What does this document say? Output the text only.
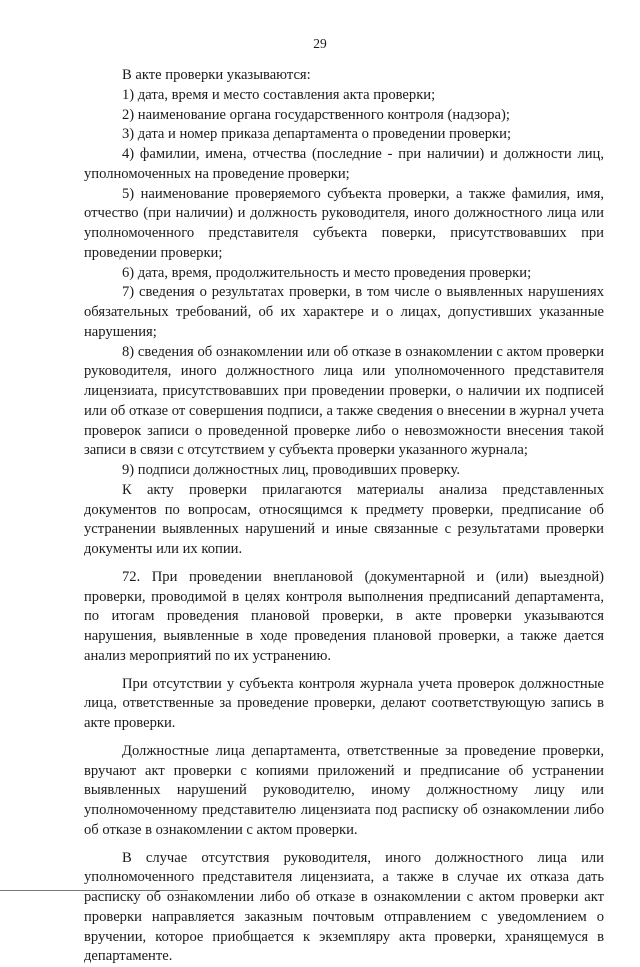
29

В акте проверки указываются:

1) дата, время и место составления акта проверки;

2) наименование органа государственного контроля (надзора);

3) дата и номер приказа департамента о проведении проверки;

4) фамилии, имена, отчества (последние - при наличии) и должности лиц, уполномоченных на проведение проверки;

5) наименование проверяемого субъекта проверки, а также фамилия, имя, отчество (при наличии) и должность руководителя, иного должностного лица или уполномоченного представителя субъекта поверки, присутствовавших при проведении проверки;

6) дата, время, продолжительность и место проведения проверки;

7) сведения о результатах проверки, в том числе о выявленных нарушениях обязательных требований, об их характере и о лицах, допустивших указанные нарушения;

8) сведения об ознакомлении или об отказе в ознакомлении с актом проверки руководителя, иного должностного лица или уполномоченного представителя лицензиата, присутствовавших при проведении проверки, о наличии их подписей или об отказе от совершения подписи, а также сведения о внесении в журнал учета проверок записи о проведенной проверке либо о невозможности внесения такой записи в связи с отсутствием у субъекта проверки указанного журнала;

9) подписи должностных лиц, проводивших проверку.

К акту проверки прилагаются материалы анализа представленных документов по вопросам, относящимся к предмету проверки, предписание об устранении выявленных нарушений и иные связанные с результатами проверки документы или их копии.

72. При проведении внеплановой (документарной и (или) выездной) проверки, проводимой в целях контроля выполнения предписаний департамента, по итогам проведения плановой проверки, в акте проверки указываются нарушения, выявленные в ходе проведения плановой проверки, а также дается анализ мероприятий по их устранению.

При отсутствии у субъекта контроля журнала учета проверок должностные лица, ответственные за проведение проверки, делают соответствующую запись в акте проверки.

Должностные лица департамента, ответственные за проведение проверки, вручают акт проверки с копиями приложений и предписание об устранении выявленных нарушений руководителю, иному должностному лицу или уполномоченному представителю лицензиата под расписку об ознакомлении либо об отказе в ознакомлении с актом проверки.

В случае отсутствия руководителя, иного должностного лица или уполномоченного представителя лицензиата, а также в случае их отказа дать расписку об ознакомлении либо об отказе в ознакомлении с актом проверки акт проверки направляется заказным почтовым отправлением с уведомлением о вручении, которое приобщается к экземпляру акта проверки, хранящемуся в департаменте.
